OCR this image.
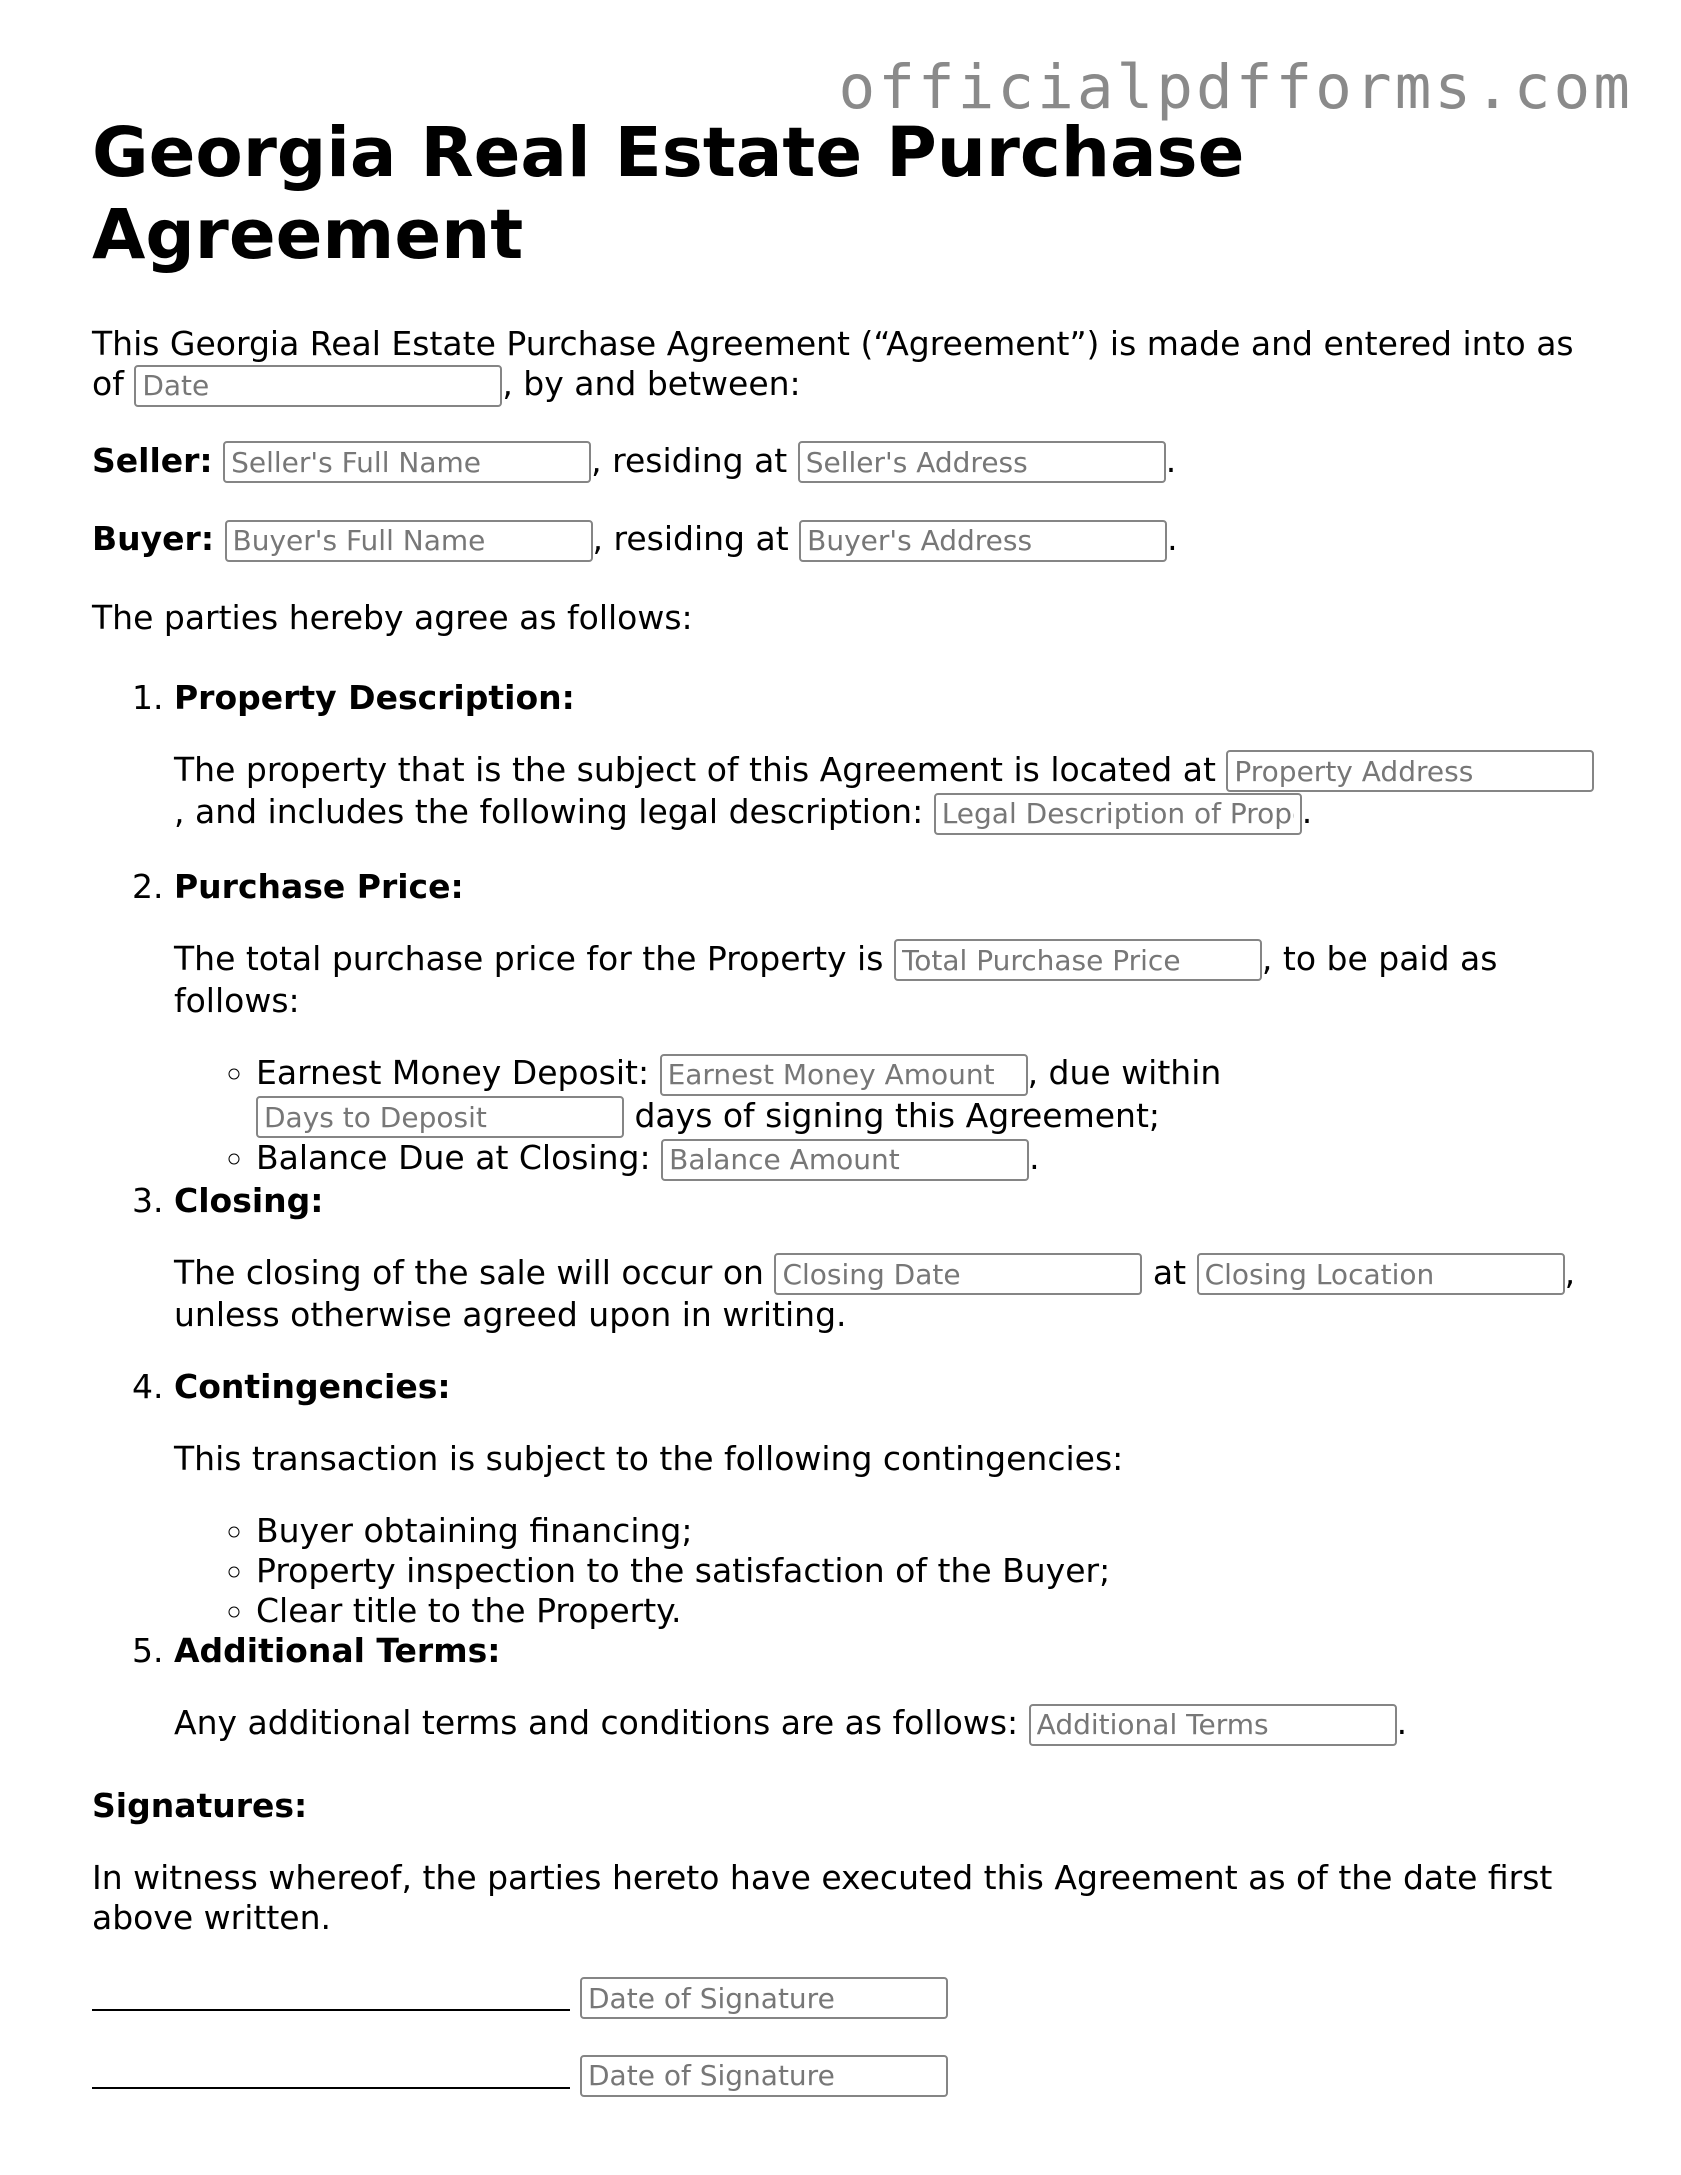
officialpdfforms.com
Georgia Real Estate Purchase Agreement

This Georgia Real Estate Purchase Agreement (“Agreement”) is made and entered into as of Date	, by and between:

Seller: Seller's Full Name	, residing at Seller's Address	.

Buyer: Buyer's Full Name	, residing at Buyer's Address	.

The parties hereby agree as follows:

1. Property Description:

The property that is the subject of this Agreement is located at Property Address
, and includes the following legal description: Legal Description of Property	.

2. Purchase Price:

The total purchase price for the Property is Total Purchase Price	, to be paid as follows:

◦ Earnest Money Deposit: Earnest Money Amount	, due within
Days to Deposit days of signing this Agreement;
◦ Balance Due at Closing: Balance Amount	.

3. Closing:

The closing of the sale will occur on Closing Date	at Closing Location	, unless otherwise agreed upon in writing.

4. Contingencies:

This transaction is subject to the following contingencies:

◦ Buyer obtaining financing;
◦ Property inspection to the satisfaction of the Buyer;
◦ Clear title to the Property.

5. Additional Terms:

Any additional terms and conditions are as follows: Additional Terms	.

Signatures:

In witness whereof, the parties hereto have executed this Agreement as of the date first above written.

Date of Signature
Date of Signature
